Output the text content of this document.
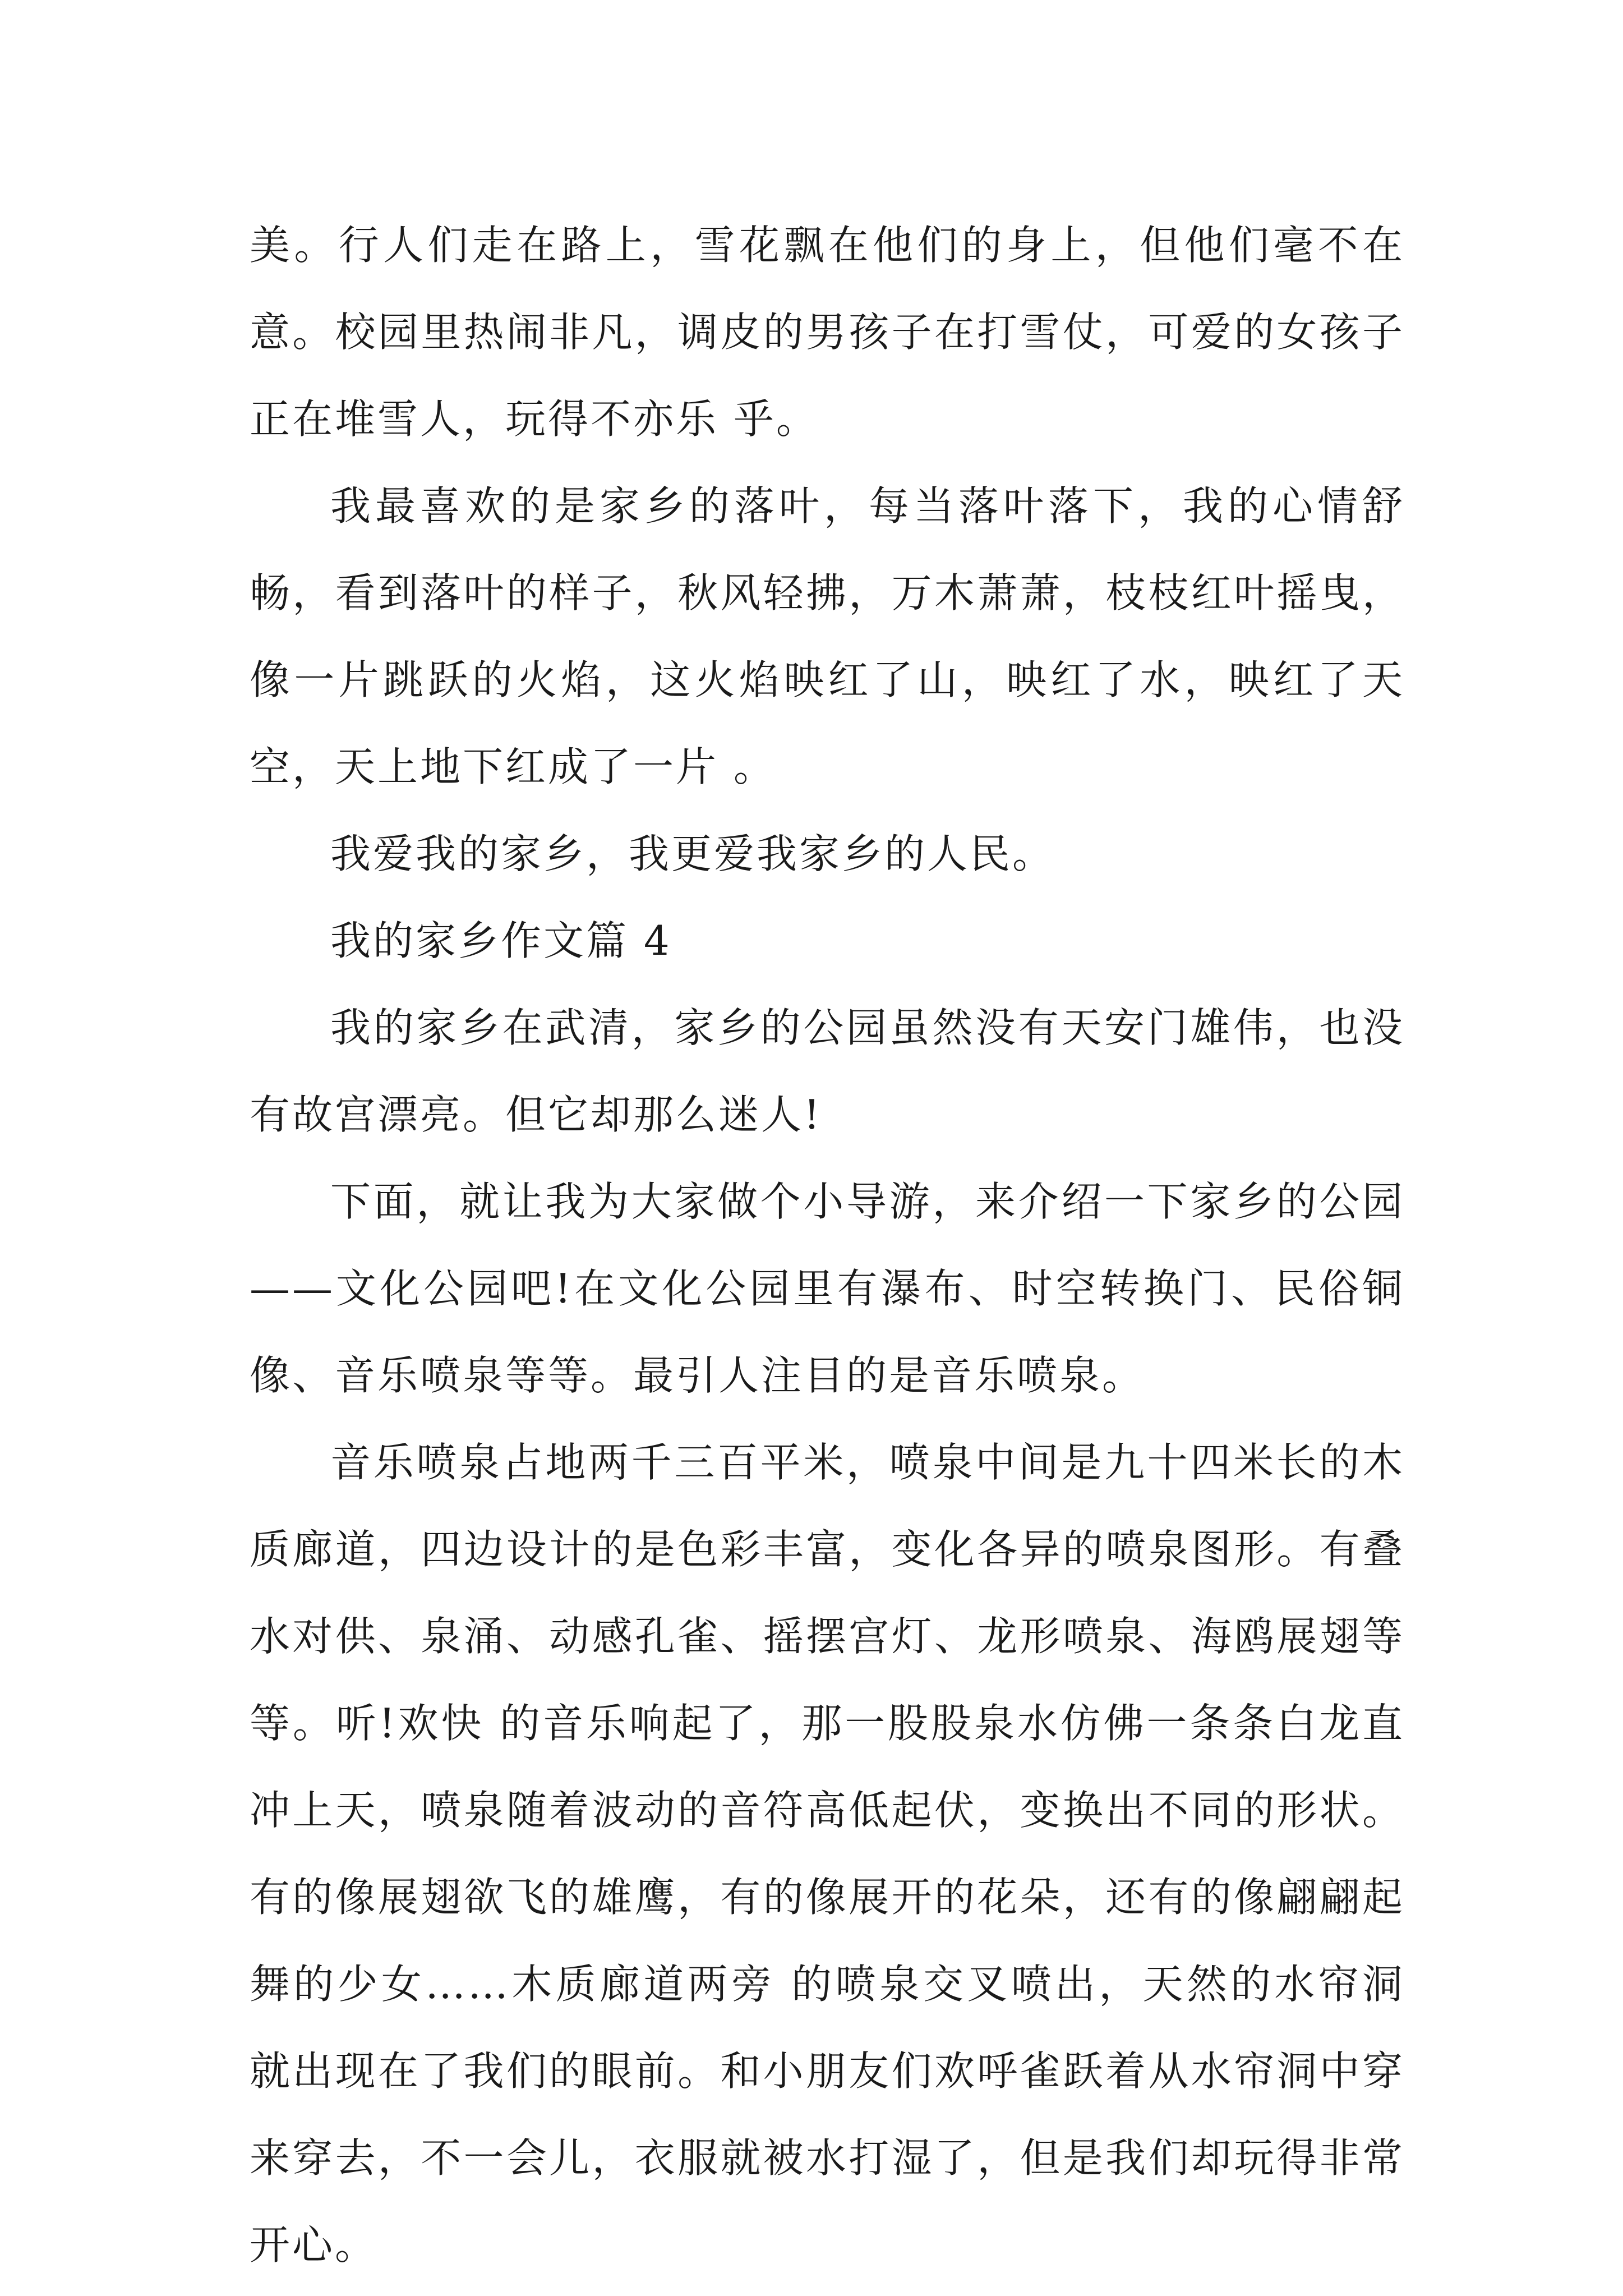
美。行人们走在路上，雪花飘在他们的身上，但他们毫不在意。校园里热闹非凡，调皮的男孩子在打雪仗，可爱的女孩子正在堆雪人，玩得不亦乐 乎。

我最喜欢的是家乡的落叶，每当落叶落下，我的心情舒畅，看到落叶的样子，秋风轻拂，万木萧萧，枝枝红叶摇曳，像一片跳跃的火焰，这火焰映红了山，映红了水，映红了天空，天上地下红成了一片 。

我爱我的家乡，我更爱我家乡的人民。

我的家乡作文篇 4

我的家乡在武清，家乡的公园虽然没有天安门雄伟，也没有故宫漂亮。但它却那么迷人!

下面，就让我为大家做个小导游，来介绍一下家乡的公园——文化公园吧!在文化公园里有瀑布、时空转换门、民俗铜像、音乐喷泉等等。最引人注目的是音乐喷泉。

音乐喷泉占地两千三百平米，喷泉中间是九十四米长的木质廊道，四边设计的是色彩丰富，变化各异的喷泉图形。有叠水对供、泉涌、动感孔雀、摇摆宫灯、龙形喷泉、海鸥展翅等等。听!欢快 的音乐响起了，那一股股泉水仿佛一条条白龙直冲上天，喷泉随着波动的音符高低起伏，变换出不同的形状。有的像展翅欲飞的雄鹰，有的像展开的花朵，还有的像翩翩起舞的少女……木质廊道两旁 的喷泉交叉喷出，天然的水帘洞就出现在了我们的眼前。和小朋友们欢呼雀跃着从水帘洞中穿来穿去，不一会儿，衣服就被水打湿了，但是我们却玩得非常开心。
